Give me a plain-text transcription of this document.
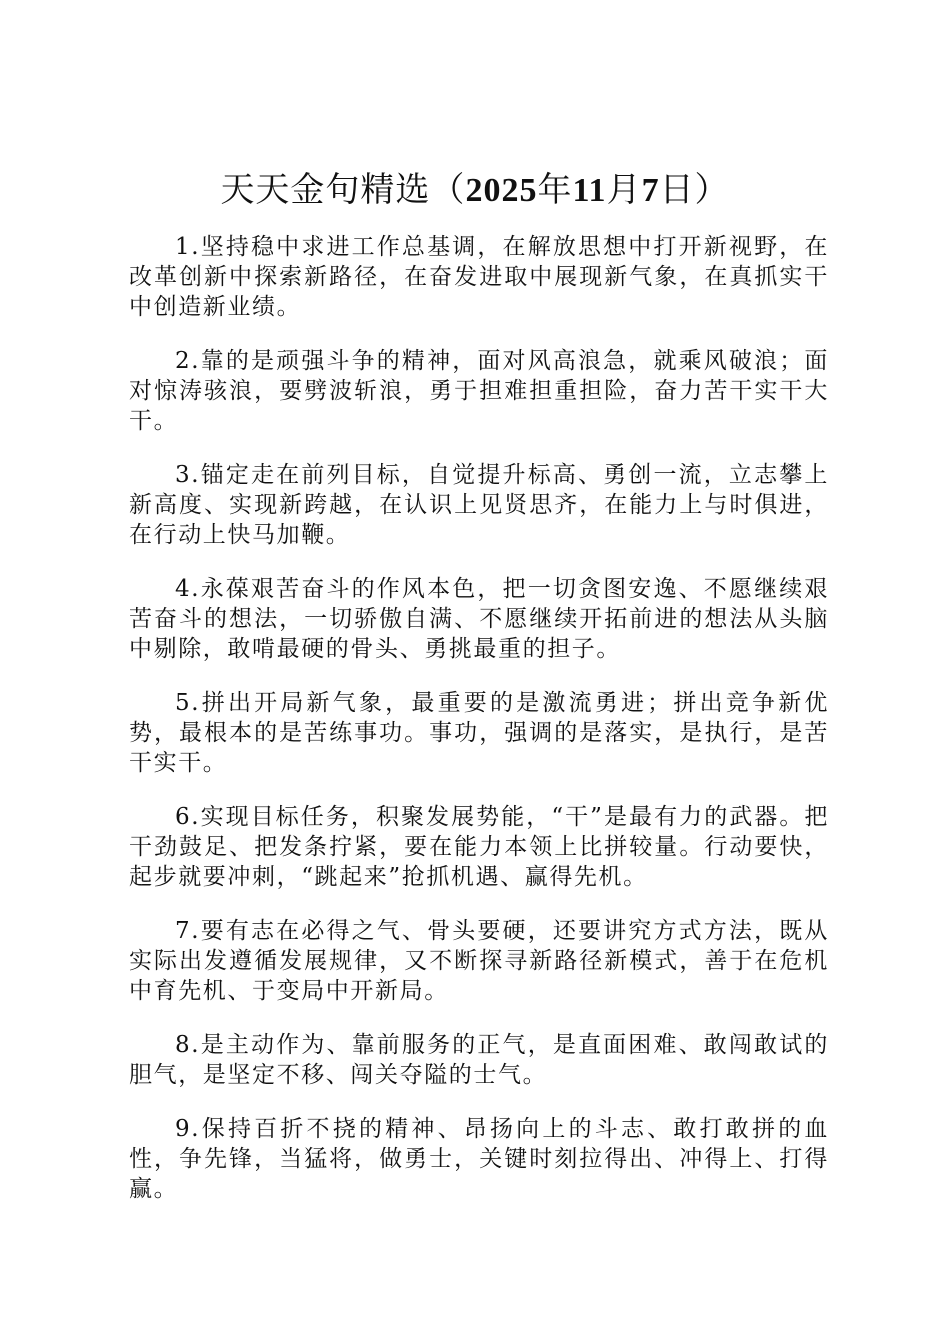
天天金句精选（2025年11月7日）

1.坚持稳中求进工作总基调，在解放思想中打开新视野，在改革创新中探索新路径，在奋发进取中展现新气象，在真抓实干中创造新业绩。

2.靠的是顽强斗争的精神，面对风高浪急，就乘风破浪；面对惊涛骇浪，要劈波斩浪，勇于担难担重担险，奋力苦干实干大干。

3.锚定走在前列目标，自觉提升标高、勇创一流，立志攀上新高度、实现新跨越，在认识上见贤思齐，在能力上与时俱进，在行动上快马加鞭。

4.永葆艰苦奋斗的作风本色，把一切贪图安逸、不愿继续艰苦奋斗的想法，一切骄傲自满、不愿继续开拓前进的想法从头脑中剔除，敢啃最硬的骨头、勇挑最重的担子。

5.拼出开局新气象，最重要的是激流勇进；拼出竞争新优势，最根本的是苦练事功。事功，强调的是落实，是执行，是苦干实干。

6.实现目标任务，积聚发展势能，“干”是最有力的武器。把干劲鼓足、把发条拧紧，要在能力本领上比拼较量。行动要快，起步就要冲刺，“跳起来”抢抓机遇、赢得先机。

7.要有志在必得之气、骨头要硬，还要讲究方式方法，既从实际出发遵循发展规律，又不断探寻新路径新模式，善于在危机中育先机、于变局中开新局。

8.是主动作为、靠前服务的正气，是直面困难、敢闯敢试的胆气，是坚定不移、闯关夺隘的士气。

9.保持百折不挠的精神、昂扬向上的斗志、敢打敢拼的血性，争先锋，当猛将，做勇士，关键时刻拉得出、冲得上、打得赢。
